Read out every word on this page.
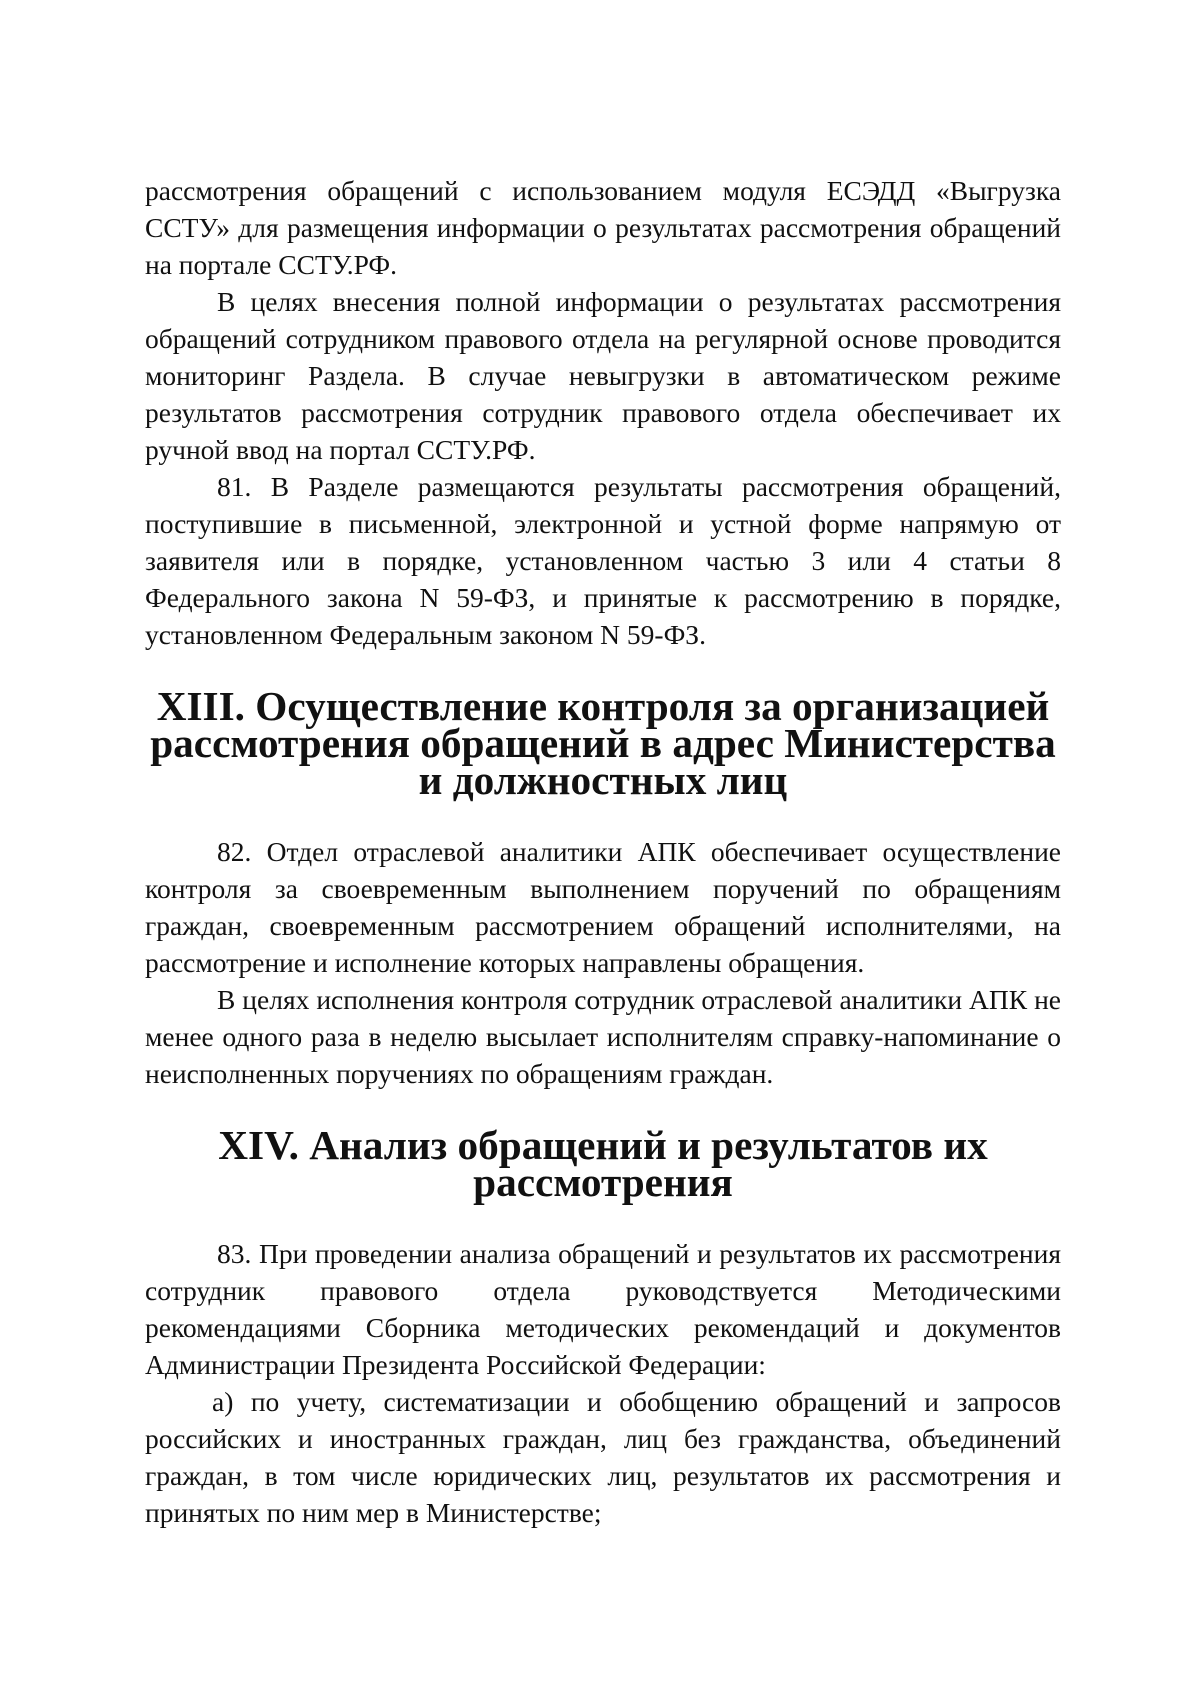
рассмотрения обращений с использованием модуля ЕСЭДД «Выгрузка ССТУ» для размещения информации о результатах рассмотрения обращений на портале ССТУ.РФ.

В целях внесения полной информации о результатах рассмотрения обращений сотрудником правового отдела на регулярной основе проводится мониторинг Раздела. В случае невыгрузки в автоматическом режиме результатов рассмотрения сотрудник правового отдела обеспечивает их ручной ввод на портал ССТУ.РФ.

81. В Разделе размещаются результаты рассмотрения обращений, поступившие в письменной, электронной и устной форме напрямую от заявителя или в порядке, установленном частью 3 или 4 статьи 8 Федерального закона N 59-ФЗ, и принятые к рассмотрению в порядке, установленном Федеральным законом N 59-ФЗ.

XIII. Осуществление контроля за организацией
рассмотрения обращений в адрес Министерства
и должностных лиц

82. Отдел отраслевой аналитики АПК обеспечивает осуществление контроля за своевременным выполнением поручений по обращениям граждан, своевременным рассмотрением обращений исполнителями, на рассмотрение и исполнение которых направлены обращения.

В целях исполнения контроля сотрудник отраслевой аналитики АПК не менее одного раза в неделю высылает исполнителям справку-напоминание о неисполненных поручениях по обращениям граждан.

XIV. Анализ обращений и результатов их рассмотрения

83. При проведении анализа обращений и результатов их рассмотрения сотрудник правового отдела руководствуется Методическими рекомендациями Сборника методических рекомендаций и документов Администрации Президента Российской Федерации:

а) по учету, систематизации и обобщению обращений и запросов российских и иностранных граждан, лиц без гражданства, объединений граждан, в том числе юридических лиц, результатов их рассмотрения и принятых по ним мер в Министерстве;
